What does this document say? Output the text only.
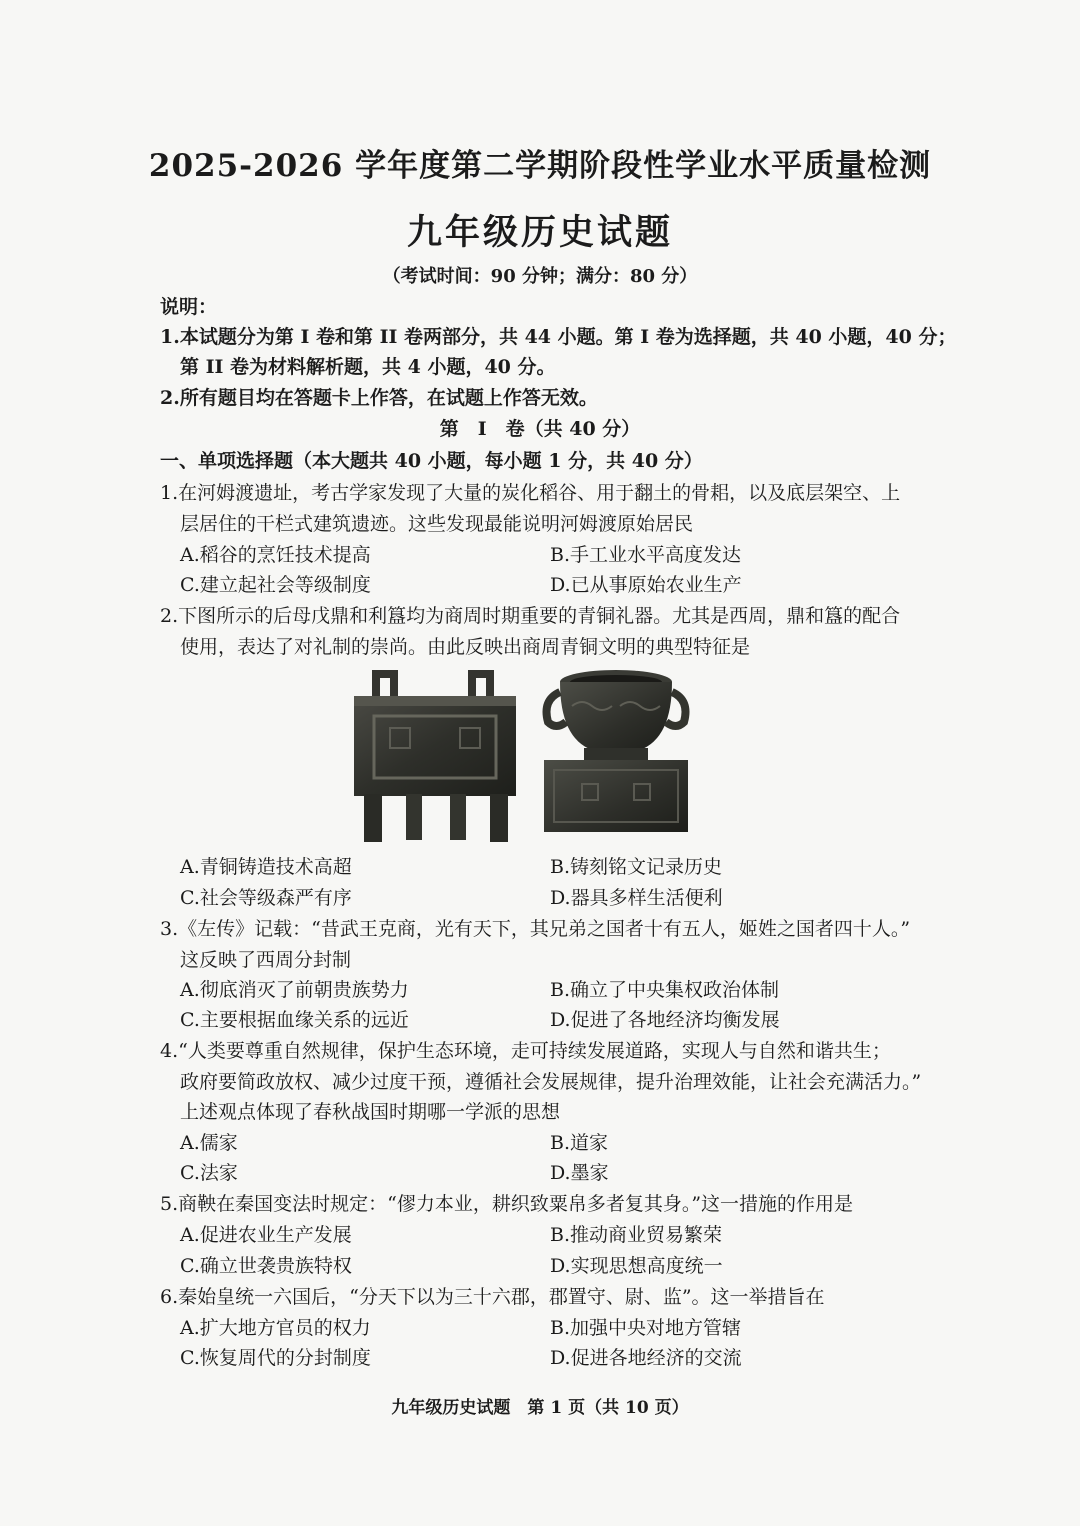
2025-2026 学年度第二学期阶段性学业水平质量检测
九年级历史试题
（考试时间：90 分钟；满分：80 分）
说明：
1.本试题分为第 I 卷和第 II 卷两部分，共 44 小题。第 I 卷为选择题，共 40 小题，40 分；
第 II 卷为材料解析题，共 4 小题，40 分。
2.所有题目均在答题卡上作答，在试题上作答无效。
第　I　卷（共 40 分）
一、单项选择题（本大题共 40 小题，每小题 1 分，共 40 分）
1.在河姆渡遗址，考古学家发现了大量的炭化稻谷、用于翻土的骨耜，以及底层架空、上
层居住的干栏式建筑遗迹。这些发现最能说明河姆渡原始居民
A.稻谷的烹饪技术提高	B.手工业水平高度发达
C.建立起社会等级制度	D.已从事原始农业生产
2.下图所示的后母戊鼎和利簋均为商周时期重要的青铜礼器。尤其是西周，鼎和簋的配合
使用，表达了对礼制的崇尚。由此反映出商周青铜文明的典型特征是
A.青铜铸造技术高超	B.铸刻铭文记录历史
C.社会等级森严有序	D.器具多样生活便利
3.《左传》记载：“昔武王克商，光有天下，其兄弟之国者十有五人，姬姓之国者四十人。”
这反映了西周分封制
A.彻底消灭了前朝贵族势力	B.确立了中央集权政治体制
C.主要根据血缘关系的远近	D.促进了各地经济均衡发展
4.“人类要尊重自然规律，保护生态环境，走可持续发展道路，实现人与自然和谐共生；
政府要简政放权、减少过度干预，遵循社会发展规律，提升治理效能，让社会充满活力。”
上述观点体现了春秋战国时期哪一学派的思想
A.儒家	B.道家
C.法家	D.墨家
5.商鞅在秦国变法时规定：“僇力本业，耕织致粟帛多者复其身。”这一措施的作用是
A.促进农业生产发展	B.推动商业贸易繁荣
C.确立世袭贵族特权	D.实现思想高度统一
6.秦始皇统一六国后，“分天下以为三十六郡，郡置守、尉、监”。这一举措旨在
A.扩大地方官员的权力	B.加强中央对地方管辖
C.恢复周代的分封制度	D.促进各地经济的交流
九年级历史试题　第 1 页（共 10 页）
